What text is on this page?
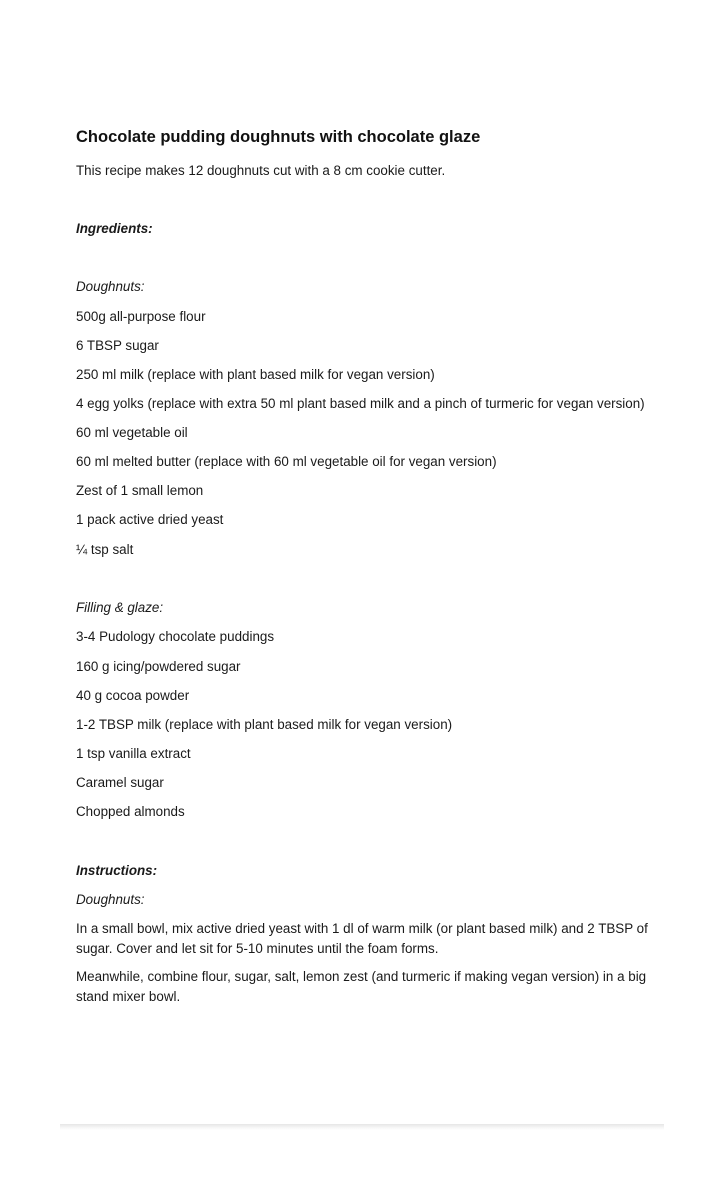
Chocolate pudding doughnuts with chocolate glaze

This recipe makes 12 doughnuts cut with a 8 cm cookie cutter.

Ingredients:

Doughnuts:

500g all-purpose flour

6 TBSP sugar

250 ml milk (replace with plant based milk for vegan version)

4 egg yolks (replace with extra 50 ml plant based milk and a pinch of turmeric for vegan version)

60 ml vegetable oil

60 ml melted butter (replace with 60 ml vegetable oil for vegan version)

Zest of 1 small lemon

1 pack active dried yeast

¼ tsp salt

Filling & glaze:

3-4 Pudology chocolate puddings

160 g icing/powdered sugar

40 g cocoa powder

1-2 TBSP milk (replace with plant based milk for vegan version)

1 tsp vanilla extract

Caramel sugar

Chopped almonds

Instructions:

Doughnuts:

In a small bowl, mix active dried yeast with 1 dl of warm milk (or plant based milk) and 2 TBSP of sugar. Cover and let sit for 5-10 minutes until the foam forms.

Meanwhile, combine flour, sugar, salt, lemon zest (and turmeric if making vegan version) in a big stand mixer bowl.
